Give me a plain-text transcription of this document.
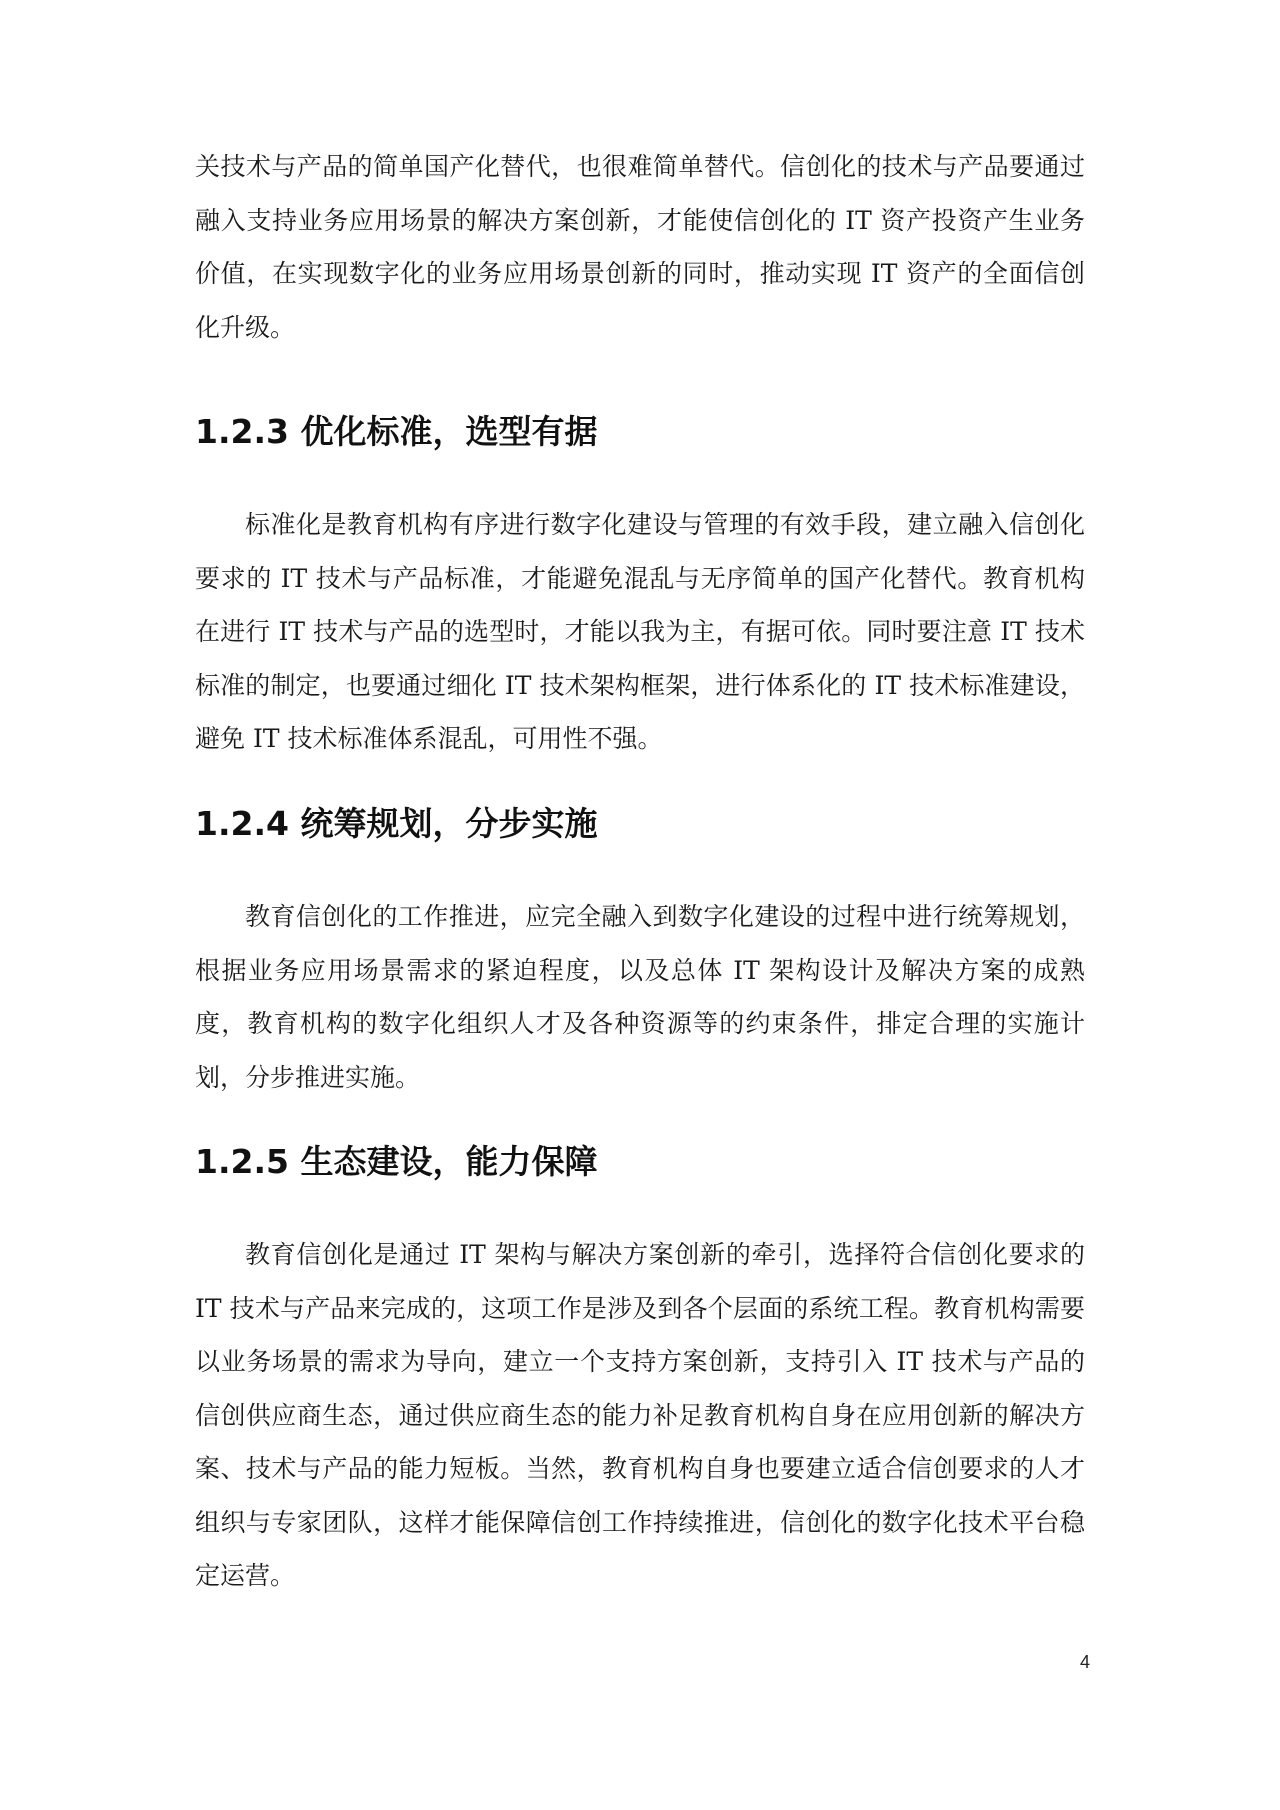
关技术与产品的简单国产化替代，也很难简单替代。信创化的技术与产品要通过融入支持业务应用场景的解决方案创新，才能使信创化的 IT 资产投资产生业务价值，在实现数字化的业务应用场景创新的同时，推动实现 IT 资产的全面信创化升级。

1.2.3 优化标准，选型有据

标准化是教育机构有序进行数字化建设与管理的有效手段，建立融入信创化要求的 IT 技术与产品标准，才能避免混乱与无序简单的国产化替代。教育机构在进行 IT 技术与产品的选型时，才能以我为主，有据可依。同时要注意 IT 技术标准的制定，也要通过细化 IT 技术架构框架，进行体系化的 IT 技术标准建设，避免 IT 技术标准体系混乱，可用性不强。

1.2.4 统筹规划，分步实施

教育信创化的工作推进，应完全融入到数字化建设的过程中进行统筹规划，根据业务应用场景需求的紧迫程度，以及总体 IT 架构设计及解决方案的成熟度，教育机构的数字化组织人才及各种资源等的约束条件，排定合理的实施计划，分步推进实施。

1.2.5 生态建设，能力保障

教育信创化是通过 IT 架构与解决方案创新的牵引，选择符合信创化要求的 IT 技术与产品来完成的，这项工作是涉及到各个层面的系统工程。教育机构需要以业务场景的需求为导向，建立一个支持方案创新，支持引入 IT 技术与产品的信创供应商生态，通过供应商生态的能力补足教育机构自身在应用创新的解决方案、技术与产品的能力短板。当然，教育机构自身也要建立适合信创要求的人才组织与专家团队，这样才能保障信创工作持续推进，信创化的数字化技术平台稳定运营。

4
